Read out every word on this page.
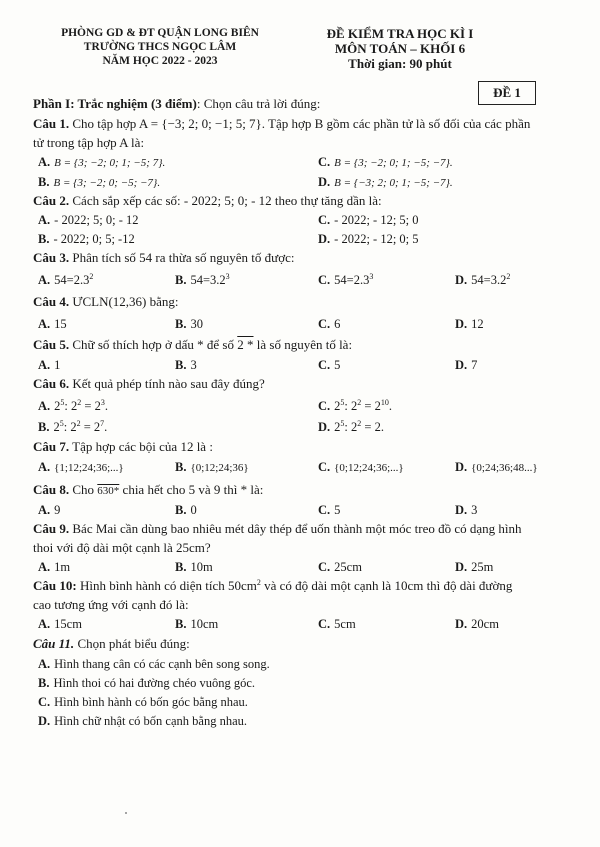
PHÒNG GD & ĐT QUẬN LONG BIÊN
TRƯỜNG THCS NGỌC LÂM
NĂM HỌC 2022 - 2023
ĐỀ KIỂM TRA HỌC KÌ I
MÔN TOÁN – KHỐI 6
Thời gian: 90 phút
ĐỀ 1
Phần I: Trắc nghiệm (3 điểm): Chọn câu trả lời đúng:
Câu 1. Cho tập hợp A = {−3; 2; 0; −1; 5; 7}. Tập hợp B gồm các phần tử là số đối của các phần
tử trong tập hợp A là:
A. B = {3; −2; 0; 1; −5; 7}.	C. B = {3; −2; 0; 1; −5; −7}.
B. B = {3; −2; 0; −5; −7}.	D. B = {−3; 2; 0; 1; −5; −7}.
Câu 2. Cách sắp xếp các số: - 2022; 5; 0; - 12 theo thự tăng dần là:
A. - 2022; 5; 0; - 12	C. - 2022; - 12; 5; 0
B. - 2022; 0; 5; -12	D. - 2022; - 12; 0; 5
Câu 3. Phân tích số 54 ra thừa số nguyên tố được:
A. $54=2.3^2$	B. $54=3.2^3$	C. $54=2.3^3$	D. $54=3.2^2$
Câu 4. ƯCLN(12,36) bằng:
A. 15	B. 30	C. 6	D. 12
Câu 5. Chữ số thích hợp ở dấu * để số 2 * là số nguyên tố là:
A. 1	B. 3	C. 5	D. 7
Câu 6. Kết quả phép tính nào sau đây đúng?
A. $2^5$: $2^2 = 2^3$.	C. $2^5$: $2^2 = 2^{10}$.
B. $2^5$: $2^2 = 2^7$.	D. $2^5$: $2^2 = 2$.
Câu 7. Tập hợp các bội của 12 là :
A. {1;12;24;36;...}	B. {0;12;24;36}	C. {0;12;24;36;...}	D. {0;24;36;48...}
Câu 8. Cho 630* chia hết cho 5 và 9 thì * là:
A. 9	B. 0	C. 5	D. 3
Câu 9. Bác Mai cần dùng bao nhiêu mét dây thép để uốn thành một móc treo đồ có dạng hình
thoi với độ dài một cạnh là 25cm?
A. 1m	B. 10m	C. 25cm	D. 25m
Câu 10: Hình bình hành có diện tích $50cm^2$ và có độ dài một cạnh là 10cm thì độ dài đường
cao tương ứng với cạnh đó là:
A. 15cm	B. 10cm	C. 5cm	D. 20cm
Câu 11. Chọn phát biểu đúng:
A. Hình thang cân có các cạnh bên song song.
B. Hình thoi có hai đường chéo vuông góc.
C. Hình bình hành có bốn góc bằng nhau.
D. Hình chữ nhật có bốn cạnh bằng nhau.
